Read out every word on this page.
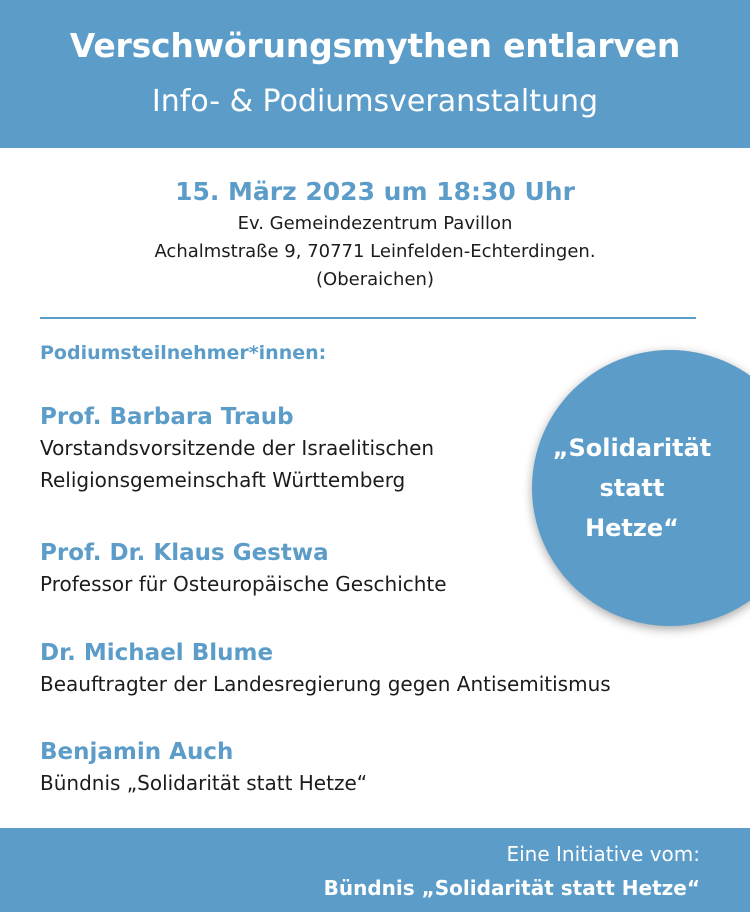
Verschwörungsmythen entlarven
Info- & Podiumsveranstaltung
15. März 2023 um 18:30 Uhr
Ev. Gemeindezentrum Pavillon
Achalmstraße 9, 70771 Leinfelden-Echterdingen.
(Oberaichen)
Podiumsteilnehmer*innen:
Prof. Barbara Traub
Vorstandsvorsitzende der Israelitischen
Religionsgemeinschaft Württemberg
Prof. Dr. Klaus Gestwa
Professor für Osteuropäische Geschichte
Dr. Michael Blume
Beauftragter der Landesregierung gegen Antisemitismus
Benjamin Auch
Bündnis „Solidarität statt Hetze“
„Solidarität
statt
Hetze“
Eine Initiative vom:
Bündnis „Solidarität statt Hetze“
